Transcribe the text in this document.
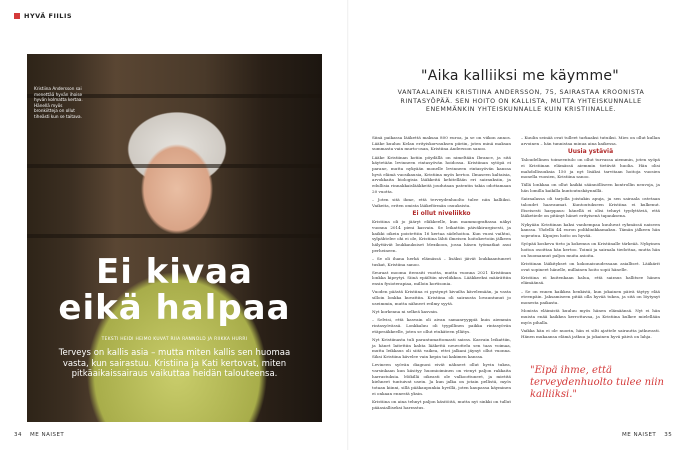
HYVÄ FIILIS
Kristiina Andersson sai menettää hyvän ihoise hyvän kolmatta kertaa. Hänellä myös bronkiitteja on ollut tiheästi kun se taitava.
Ei kivaa
eikä halpaa
TEKSTI HEIDI HEIMO KUVAT RIIA RANNOLD JA RIIKKA HURRI
Terveys on kallis asia – mutta miten kallis sen huomaa vasta, kun sairastuu. Kristiina ja Kati kertovat, miten pitkäaikaissairaus vaikuttaa heidän talouteensa.
34 ME NAISET
"Aika kalliiksi me käymme"
VANTAALAINEN KRISTIINA ANDERSSON, 75, SAIRASTAA KROONISTA RINTASYÖPÄÄ. SEN HOITO ON KALLISTA, MUTTA YHTEISKUNNALLE ENEMMÄNKIN YHTEISKUNNALLE KUIN KRISTIINALLE.

Siinä paikassa lääkettä maksaa 800 euroa, ja se on viikon annos. Lääke kuuluu Kelan erityiskorvauksen piiriin, joten minä maksan summasta vain murto-osan, Kristiina Andersson sanoo.

Lääke Kristiinan kotiin pöydällä on nimeltään Ibrance, ja sitä käytetään levinneen rintasyövän hoidossa. Kristiinan sytöpä ei parane, mutta nykyään monelle levinneen rintasyövän kanssa hyvä elämä vuosikausia, Kristiina myös kertoo. Ilmaseen kaltaisia, arvokkaita biologisia lääkkeitä kehitellään eri sairauksiin, ja edullisia rinnakkaislääkkeitä joudutaan patentin takia odottamaan 20 vuotta.

– Joten sitä ihme, että terveydenhuolto tulee niin kalliiksi. Vaikeita, eriten omista lääkeförmän osuuksista.

Ei ollut niveliikko

Kristiina oli jo jääryt eläkkeelle, kun mammografiassa näkyi vuonna 2014 pieni kasvain. Se leikattiin päiväkirurgisesti, ja kaikki oikein poistettiin 16 kertaa sädehoitoa. Kun vuosi vaihtui, sylpähtelee ohi ei ole, Kristiina lähti ilmeisen hoitokertoiin jälkeen hälyttävät loukkauksiset Mexikoon, jossa häsen työmatkat asui perheineen.

– Se oli ihana herkä elämässä – lisäksi jäivät loukkaantuneet tuskat, Kristiina sanoo.

Seuraat mooma iterasiti vuotta, mutta vuonna 2021 Kristiinan lonkka kipeytyi. Siinä epäiltiin niveliikkoa. Lääkkeeksi määrättiin ensin fysioterapiaa, milloin kortisonia.

Vuoden päästä Kristiina ei pystynyt kivuilta kävelemään, ja vasta silloin lonkka kuvattiin. Kristiina oli sairausta lovauntunut jo useimmin, mutta nähneet reilmy syytä.

Nyt korkeana ni selkeä kasvain.

– Selvisi, että kasvain oli aivan samanryyppiä kuin aiemmin rintasyövässä. Lonkkaluu oli tyypillinen paikka rintasyövän etäpesäkkeelle, joten se ollut etukäteen yllätys.

Nyt Kristiinasta tuli parantumattomasti sairas. Kasvain leikattiin, ja hänet laitettiin kahta lääkettä neuvottelu sen taas voimaa, mutta leikkaus oli siitä vaikea, ettei jalkani jäynyt ollut vuonna. Siksi Kristiina kävelee vain kepin tai kakimen kanssa.

Levineen syövän diagnosi eivät nähneet ollut hyvin tukea, varsinkaan kun käsityy huomioiminen on vienyt paljon rakkaita harrastuksia. Mökillä oikeasti ole valkoottuneet, ja mietitä kiehneet tuntuivat usein. Ja kun jalka on jotain pellistä, myös totaan kiinni, sillä pääkaupunkia hyvillä, joten kaupassa käyminen ei onkaan ennestä yksin.

Kristiina on aina tehnyt paljon käsitöitä, mutta nyt sinkki on tullut pääasialliseksi harrastus.

– Kuulin seinää ovat tulleet tarkaaksi tutuiksi. Mies on ollut kullan arvoinen – hän tunnistaa minua aina kaikessa.

Uusia ystäviä

Taloudellinen toimeentulo on ollut turvassa aiemmin, joten syöpä ei Kristiinan elämässä aiemmin tietävät huolia. Hän olisi mahdollisuuksia 150 ja nyt lisäksi tarvitaan hoitoja vuosien monella vuosien, Kristiina sanoo.

Tällä lonkkaa on ollut kaikki säännölliseen kontrollin neuvoja, ja hän lomilla kaikilla kuntoutuskäynnillä.

Sairaalassa oli tarjolla joistakin apuja, ja sen sairaala ostetaan taloudet haavaumat. Kuntoutukseen Kristiina ei kulkenut. Eiseisesti harppaus: hänellä ei olisi tehnyt tyydyttäviä, että lääketiede on pitänyt hänet erityisenä tapauksena.

Nykyään Kristiinan kaksi vanhempaa kuuluvat ryhmässä naiseen kanssa. Yhdellä 44 euron poliklinikkamaksu. Tämän jälkeen hän sopeutuu. Kipujen hoito on hyvää.

Syöpää koskeva tieto ja kokemus on Kristiinalle tärkeää. Nykyinen hoitoa osoittaa hän kertoo. Toimii ja sairaala tiedottaa, mutta hän on huomannut paljon muita asioita.

Kristiinan lääkitykset on kokonaisuudessaan asialliset. Lääkärit ovat sopineet hänelle, millainen hoito sopii hänelle.

Kristiina ei kuitenkaan halua, että sairaus hallitsee hänen elämäänsä.

– Se on ennen kaikkea henkistä, kun jokainen päivä täytyy elää eteenpäin. Jaksamiseen pitää olla hyvää tukea, ja sitä on löytynyt monesta paikasta.

Monista eläimistä kuuluu myös hänen elämäänsä. Nyt ei hän muista enää kaikkea kerrottavaa, ja Kristiina kulkee mielellään myös pihalla.

Vaikka hän ei ole nuorin, hän ei silti ajattele sairautta jatkuvasti. Hänen mukaansa elämä jatkuu ja jokainen hyvä päivä on lahja.

"Eipä ihme, että terveydenhuolto tulee niin kalliiksi."
ME NAISET 35
